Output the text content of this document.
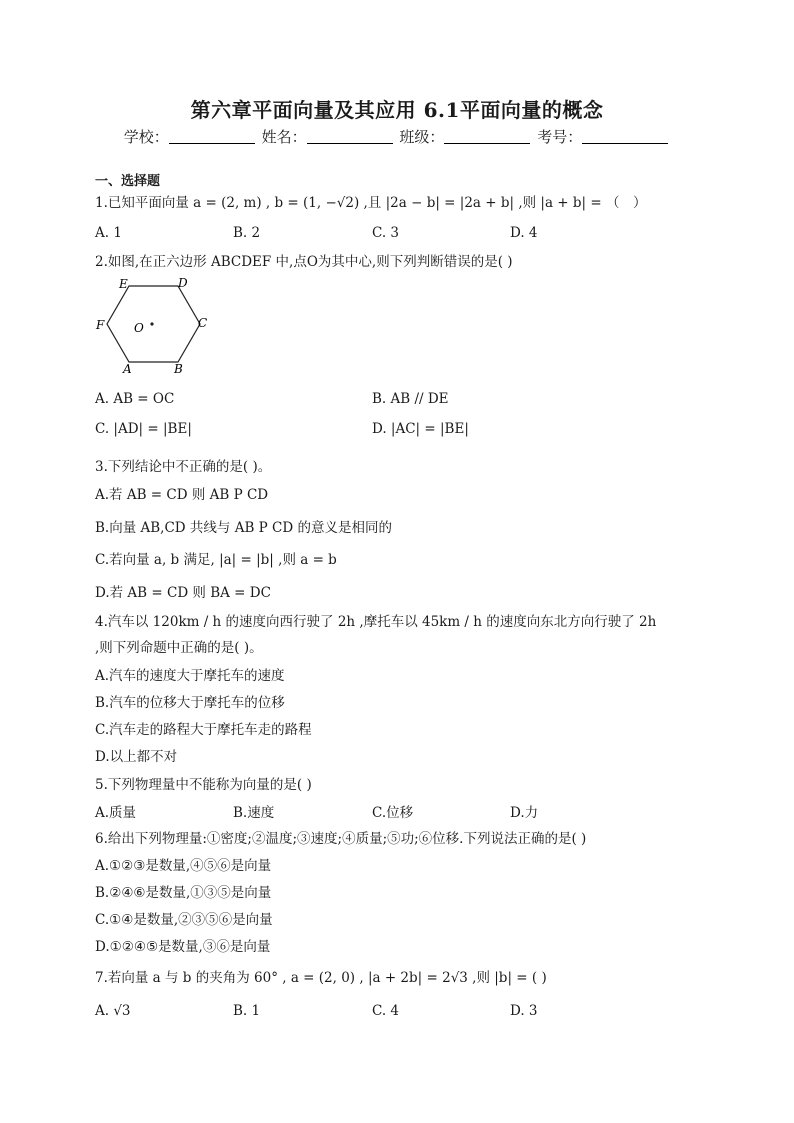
第六章平面向量及其应用 6.1平面向量的概念
学校：	姓名：	班级：	考号：
一、选择题
1.已知平面向量 a = (2, m) , b = (1, −√2) ,且 |2a − b| = |2a + b| ,则 |a + b| = （　）
A. 1	B. 2	C. 3	D. 4
2.如图,在正六边形 ABCDEF 中,点O为其中心,则下列判断错误的是( )
E	D
F	C
O
A	B
A. AB = OC	B. AB // DE
C. |AD| = |BE|	D. |AC| = |BE|
3.下列结论中不正确的是( )。
A.若 AB = CD 则 AB P CD
B.向量 AB,CD 共线与 AB P CD 的意义是相同的
C.若向量 a, b 满足, |a| = |b| ,则 a = b
D.若 AB = CD 则 BA = DC
4.汽车以 120km / h 的速度向西行驶了 2h ,摩托车以 45km / h 的速度向东北方向行驶了 2h
,则下列命题中正确的是( )。
A.汽车的速度大于摩托车的速度
B.汽车的位移大于摩托车的位移
C.汽车走的路程大于摩托车走的路程
D.以上都不对
5.下列物理量中不能称为向量的是( )
A.质量	B.速度	C.位移	D.力
6.给出下列物理量:①密度;②温度;③速度;④质量;⑤功;⑥位移.下列说法正确的是( )
A.①②③是数量,④⑤⑥是向量
B.②④⑥是数量,①③⑤是向量
C.①④是数量,②③⑤⑥是向量
D.①②④⑤是数量,③⑥是向量
7.若向量 a 与 b 的夹角为 60° , a = (2, 0) , |a + 2b| = 2√3 ,则 |b| = ( )
A. √3	B. 1	C. 4	D. 3
